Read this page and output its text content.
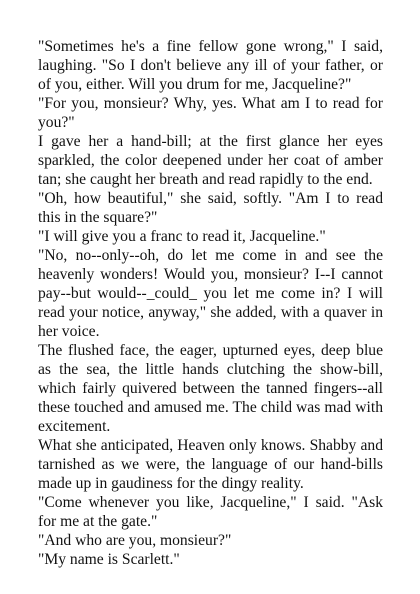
"Sometimes he's a fine fellow gone wrong," I said, laughing. "So I don't believe any ill of your father, or of you, either. Will you drum for me, Jacqueline?"

"For you, monsieur? Why, yes. What am I to read for you?"

I gave her a hand-bill; at the first glance her eyes sparkled, the color deepened under her coat of amber tan; she caught her breath and read rapidly to the end.

"Oh, how beautiful," she said, softly. "Am I to read this in the square?"

"I will give you a franc to read it, Jacqueline."

"No, no--only--oh, do let me come in and see the heavenly wonders! Would you, monsieur? I--I cannot pay--but would--_could_ you let me come in? I will read your notice, anyway," she added, with a quaver in her voice.

The flushed face, the eager, upturned eyes, deep blue as the sea, the little hands clutching the show-bill, which fairly quivered between the tanned fingers--all these touched and amused me. The child was mad with excitement.

What she anticipated, Heaven only knows. Shabby and tarnished as we were, the language of our hand-bills made up in gaudiness for the dingy reality.

"Come whenever you like, Jacqueline," I said. "Ask for me at the gate."

"And who are you, monsieur?"

"My name is Scarlett."
